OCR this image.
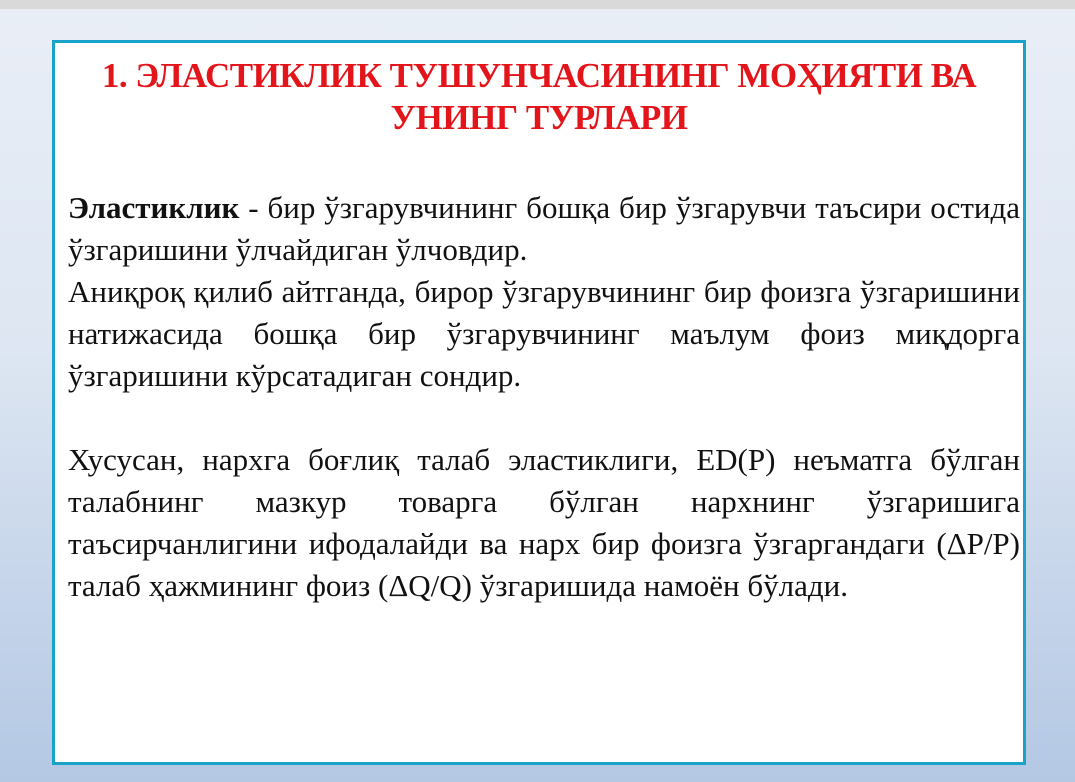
1. ЭЛАСТИКЛИК ТУШУНЧАСИНИНГ МОҲИЯТИ ВА
УНИНГ ТУРЛАРИ

Эластиклик - бир ўзгарувчининг бошқа бир ўзгарувчи таъсири остида ўзгаришини ўлчайдиган ўлчовдир.

Аниқроқ қилиб айтганда, бирор ўзгарувчининг бир фоизга ўзгаришини натижасида бошқа бир ўзгарувчининг маълум фоиз миқдорга ўзгаришини кўрсатадиган сондир.

Хусусан, нархга боғлиқ талаб эластиклиги, ED(P) неъматга бўлган талабнинг мазкур товарга бўлган нархнинг ўзгаришига таъсирчанлигини ифодалайди ва нарх бир фоизга ўзгаргандаги (ΔP/P) талаб ҳажмининг фоиз (ΔQ/Q) ўзгаришида намоён бўлади.
